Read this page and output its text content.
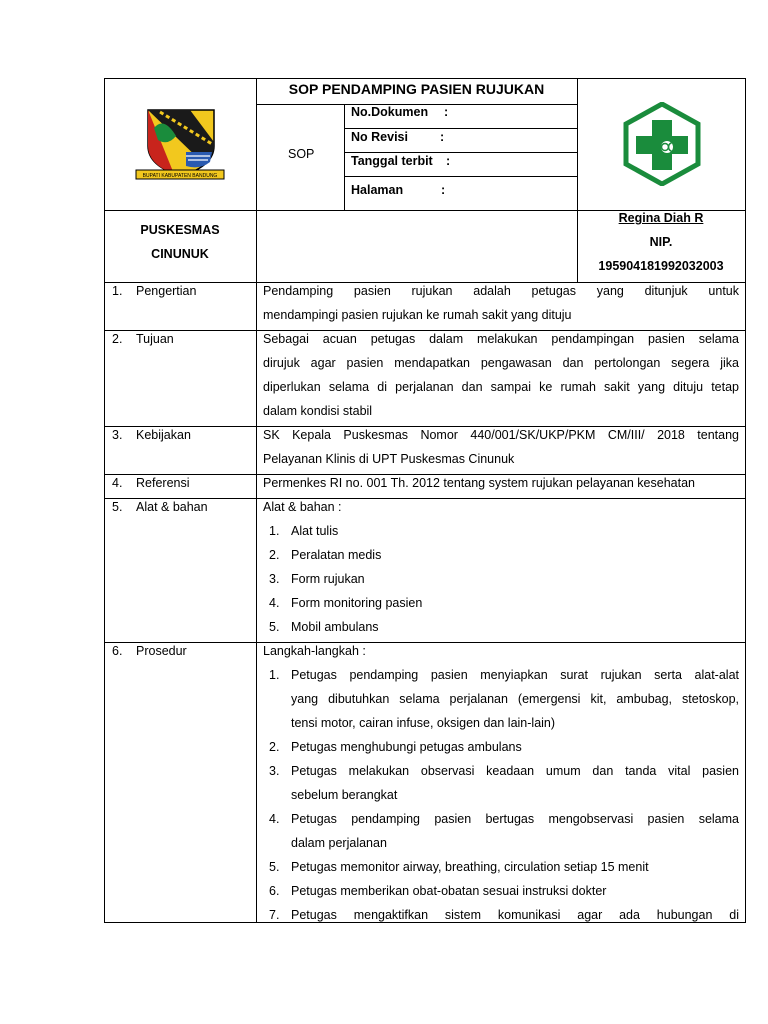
BUPATI KABUPATEN BANDUNG
SOP PENDAMPING PASIEN RUJUKAN
SOP
No.Dokumen :
No Revisi	:
Tanggal terbit :
Halaman	:
PUSKESMAS
CINUNUK
Regina Diah R
NIP.
195904181992032003
1. Pengertian	Pendamping pasien rujukan adalah petugas yang ditunjuk untuk
mendampingi pasien rujukan ke rumah sakit yang dituju
2. Tujuan	Sebagai acuan petugas dalam melakukan pendampingan pasien selama
dirujuk agar pasien mendapatkan pengawasan dan pertolongan segera jika
diperlukan selama di perjalanan dan sampai ke rumah sakit yang dituju tetap
dalam kondisi stabil
3. Kebijakan	SK Kepala Puskesmas Nomor 440/001/SK/UKP/PKM CM/III/ 2018 tentang
Pelayanan Klinis di UPT Puskesmas Cinunuk
4. Referensi	Permenkes RI no. 001 Th. 2012 tentang system rujukan pelayanan kesehatan
5. Alat & bahan	Alat & bahan :
1. Alat tulis
2. Peralatan medis
3. Form rujukan
4. Form monitoring pasien
5. Mobil ambulans
6. Prosedur	Langkah-langkah :
1. Petugas pendamping pasien menyiapkan surat rujukan serta alat-alat
yang dibutuhkan selama perjalanan (emergensi kit, ambubag, stetoskop,
tensi motor, cairan infuse, oksigen dan lain-lain)
2. Petugas menghubungi petugas ambulans
3. Petugas melakukan observasi keadaan umum dan tanda vital pasien
sebelum berangkat
4. Petugas pendamping pasien bertugas mengobservasi pasien selama
dalam perjalanan
5. Petugas memonitor airway, breathing, circulation setiap 15 menit
6. Petugas memberikan obat-obatan sesuai instruksi dokter
7. Petugas mengaktifkan sistem komunikasi agar ada hubungan di
